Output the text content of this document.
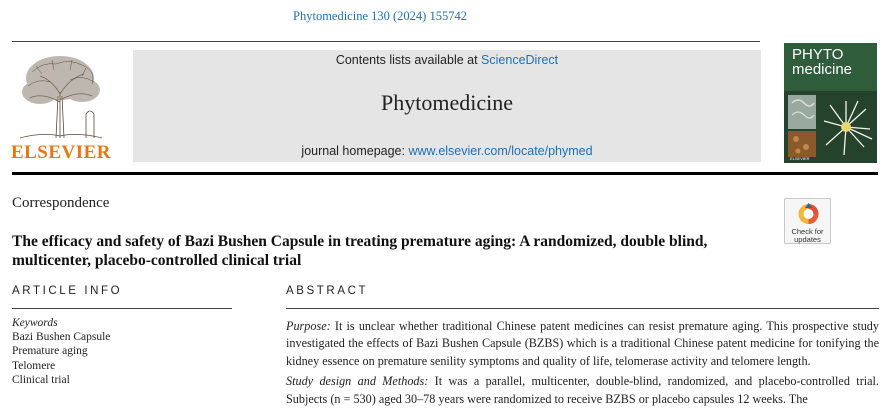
Phytomedicine 130 (2024) 155742
ELSEVIER
Contents lists available at ScienceDirect
Phytomedicine
journal homepage: www.elsevier.com/locate/phymed
ELSEVIER
PHYTO
medicine
Correspondence
Check for
updates
The efficacy and safety of Bazi Bushen Capsule in treating premature aging: A randomized, double blind, multicenter, placebo-controlled clinical trial
ARTICLE INFO	ABSTRACT
Keywords
Bazi Bushen Capsule
Premature aging
Telomere
Clinical trial

Purpose: It is unclear whether traditional Chinese patent medicines can resist premature aging. This prospective study investigated the effects of Bazi Bushen Capsule (BZBS) which is a traditional Chinese patent medicine for tonifying the kidney essence on premature senility symptoms and quality of life, telomerase activity and telomere length.

Study design and Methods: It was a parallel, multicenter, double-blind, randomized, and placebo-controlled trial. Subjects (n = 530) aged 30–78 years were randomized to receive BZBS or placebo capsules 12 weeks. The
